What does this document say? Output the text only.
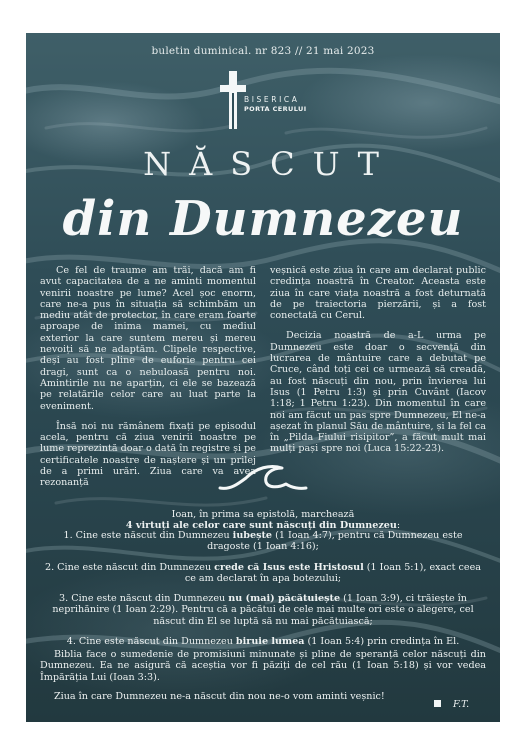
buletin duminical. nr 823 // 21 mai 2023
BISERICA
PORTA CERULUI
NĂSCUT
din Dumnezeu

Ce fel de traume am trăi, dacă am fi avut capacitatea de a ne aminti momentul venirii noastre pe lume? Acel șoc enorm, care ne-a pus în situația să schimbăm un mediu atât de protector, în care eram foarte aproape de inima mamei, cu mediul exterior la care suntem mereu și mereu nevoiți să ne adaptăm. Clipele respective, deși au fost pline de euforie pentru cei dragi, sunt ca o nebuloasă pentru noi. Amintirile nu ne aparțin, ci ele se bazează pe relatările celor care au luat parte la eveniment.

Însă noi nu rămânem fixați pe episodul acela, pentru că ziua venirii noastre pe lume reprezintă doar o dată în registre și pe certificatele noastre de naștere și un prilej de a primi urări. Ziua care va avea rezonanță

veșnică este ziua în care am declarat public credința noastră în Creator. Aceasta este ziua în care viața noastră a fost deturnată de pe traiectoria pierzării, și a fost conectată cu Cerul.

Decizia noastră de a-L urma pe Dumnezeu este doar o secvență din lucrarea de mântuire care a debutat pe Cruce, când toți cei ce urmează să creadă, au fost născuți din nou, prin învierea lui Isus (1 Petru 1:3) și prin Cuvânt (Iacov 1:18; 1 Petru 1:23). Din momentul în care noi am făcut un pas spre Dumnezeu, El ne-a așezat în planul Său de mântuire, și la fel ca în „Pilda Fiului risipitor”, a făcut mult mai mulți pași spre noi (Luca 15:22-23).

Ioan, în prima sa epistolă, marchează
4 virtuți ale celor care sunt născuți din Dumnezeu:
1. Cine este născut din Dumnezeu iubește (1 Ioan 4:7), pentru că Dumnezeu este dragoste (1 Ioan 4:16);
2. Cine este născut din Dumnezeu crede că Isus este Hristosul (1 Ioan 5:1), exact ceea ce am declarat în apa botezului;
3. Cine este născut din Dumnezeu nu (mai) păcătuiește (1 Ioan 3:9), ci trăiește în neprihănire (1 Ioan 2:29). Pentru că a păcătui de cele mai multe ori este o alegere, cel născut din El se luptă să nu mai păcătuiască;
4. Cine este născut din Dumnezeu biruie lumea (1 Ioan 5:4) prin credința în El.

Biblia face o sumedenie de promisiuni minunate și pline de speranță celor născuți din Dumnezeu. Ea ne asigură că aceștia vor fi păziți de cel rău (1 Ioan 5:18) și vor vedea Împărăția Lui (Ioan 3:3).

Ziua în care Dumnezeu ne-a născut din nou ne-o vom aminti veșnic!

F.T.
